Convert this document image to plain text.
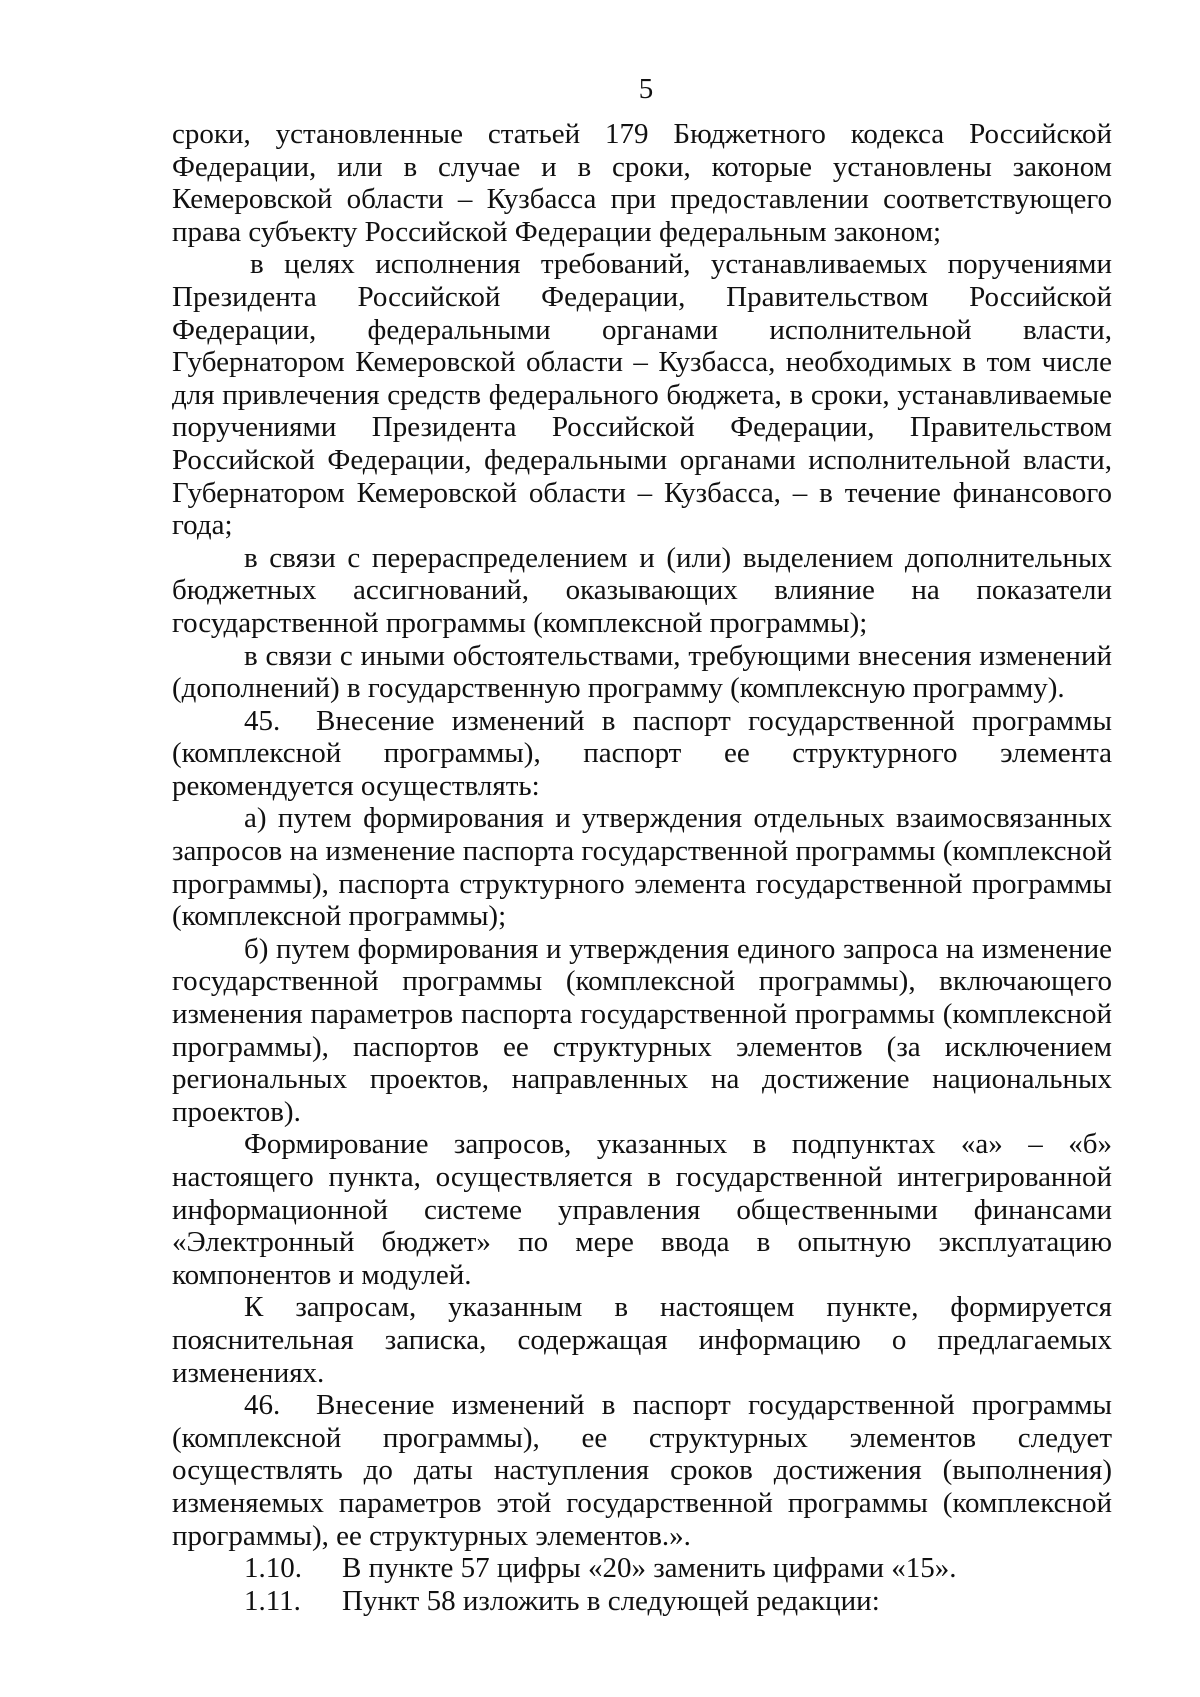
5

сроки, установленные статьей 179 Бюджетного кодекса Российской Федерации, или в случае и в сроки, которые установлены законом Кемеровской области – Кузбасса при предоставлении соответствующего права субъекту Российской Федерации федеральным законом;

в целях исполнения требований, устанавливаемых поручениями Президента Российской Федерации, Правительством Российской Федерации, федеральными органами исполнительной власти, Губернатором Кемеровской области – Кузбасса, необходимых в том числе для привлечения средств федерального бюджета, в сроки, устанавливаемые поручениями Президента Российской Федерации, Правительством Российской Федерации, федеральными органами исполнительной власти, Губернатором Кемеровской области – Кузбасса, – в течение финансового года;

в связи с перераспределением и (или) выделением дополнительных бюджетных ассигнований, оказывающих влияние на показатели государственной программы (комплексной программы);

в связи с иными обстоятельствами, требующими внесения изменений (дополнений) в государственную программу (комплексную программу).

45. Внесение изменений в паспорт государственной программы (комплексной программы), паспорт ее структурного элемента рекомендуется осуществлять:

а) путем формирования и утверждения отдельных взаимосвязанных запросов на изменение паспорта государственной программы (комплексной программы), паспорта структурного элемента государственной программы (комплексной программы);

б) путем формирования и утверждения единого запроса на изменение государственной программы (комплексной программы), включающего изменения параметров паспорта государственной программы (комплексной программы), паспортов ее структурных элементов (за исключением региональных проектов, направленных на достижение национальных проектов).

Формирование запросов, указанных в подпунктах «а» – «б» настоящего пункта, осуществляется в государственной интегрированной информационной системе управления общественными финансами «Электронный бюджет» по мере ввода в опытную эксплуатацию компонентов и модулей.

К запросам, указанным в настоящем пункте, формируется пояснительная записка, содержащая информацию о предлагаемых изменениях.

46. Внесение изменений в паспорт государственной программы (комплексной программы), ее структурных элементов следует осуществлять до даты наступления сроков достижения (выполнения) изменяемых параметров этой государственной программы (комплексной программы), ее структурных элементов.».

1.10.	В пункте 57 цифры «20» заменить цифрами «15».
1.11.	Пункт 58 изложить в следующей редакции:
